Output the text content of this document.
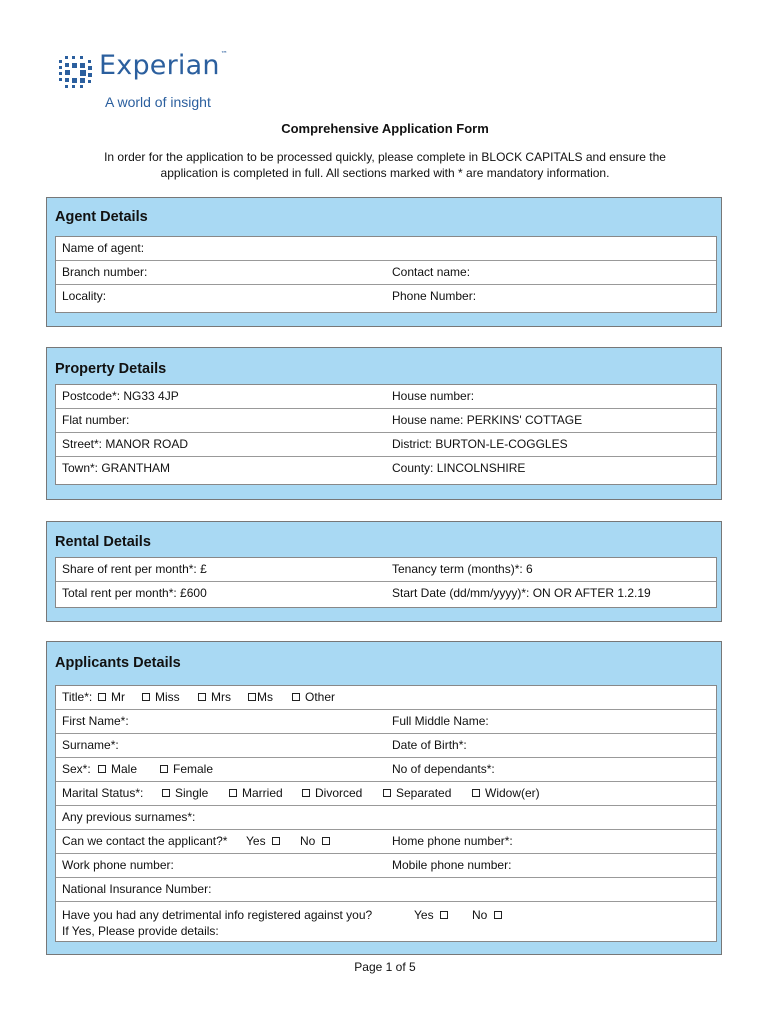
Experian™
A world of insight
Comprehensive Application Form
In order for the application to be processed quickly, please complete in BLOCK CAPITALS and ensure the application is completed in full. All sections marked with * are mandatory information.
Agent Details
Name of agent:
Branch number:	Contact name:
Locality:	Phone Number:
Property Details
Postcode*: NG33 4JP	House number:
Flat number:	House name: PERKINS' COTTAGE
Street*: MANOR ROAD	District: BURTON-LE-COGGLES
Town*: GRANTHAM	County: LINCOLNSHIRE
Rental Details
Share of rent per month*: £	Tenancy term (months)*: 6
Total rent per month*: £600	Start Date (dd/mm/yyyy)*: ON OR AFTER 1.2.19
Applicants Details
Title*:	Mr	Miss	Mrs	Ms	Other
First Name*:	Full Middle Name:
Surname*:	Date of Birth*:
Sex*:	Male	Female	No of dependants*:
Marital Status*:	Single	Married	Divorced	Separated	Widow(er)
Any previous surnames*:
Can we contact the applicant?* Yes	No	Home phone number*:
Work phone number:	Mobile phone number:
National Insurance Number:
Have you had any detrimental info registered against you?	Yes	No
If Yes, Please provide details:
Page 1 of 5
